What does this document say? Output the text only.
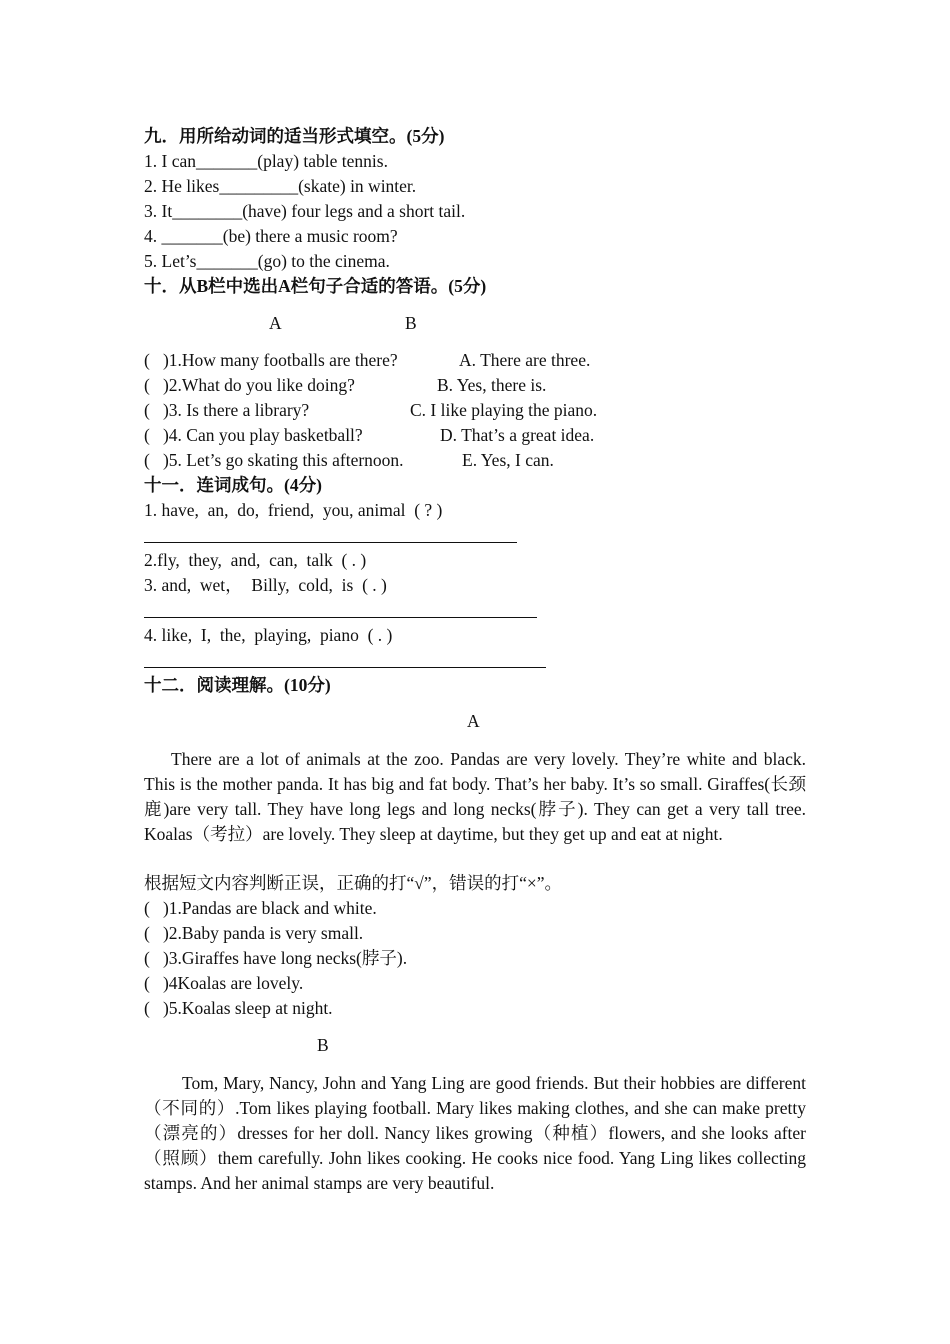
九．用所给动词的适当形式填空。(5分)
1. I can_______(play) table tennis.
2. He likes_________(skate) in winter.
3. It________(have) four legs and a short tail.
4. _______(be) there a music room?
5. Let’s_______(go) to the cinema.
十．从B栏中选出A栏句子合适的答语。(5分)
A	B
(   )1.How many footballs are there?	A. There are three.
(   )2.What do you like doing?	B. Yes, there is.
(   )3. Is there a library?	C. I like playing the piano.
(   )4. Can you play basketball?	D. That’s a great idea.
(   )5. Let’s go skating this afternoon.	E. Yes, I can.
十一．连词成句。(4分)
1. have,  an,  do,  friend,  you, animal  ( ? )
2.fly,  they,  and,  can,  talk  ( . )
3. and,  wet，  Billy,  cold,  is  ( . )
4. like,  I,  the,  playing,  piano  ( . )
十二．阅读理解。(10分)
A
There are a lot of animals at the zoo. Pandas are very lovely. They’re white and black. This is the mother panda. It has big and fat body. That’s her baby. It’s so small. Giraffes(长颈鹿)are very tall. They have long legs and long necks(脖子). They can get a very tall tree. Koalas（考拉）are lovely. They sleep at daytime, but they get up and eat at night.
根据短文内容判断正误，正确的打“√”，错误的打“×”。
(   )1.Pandas are black and white.
(   )2.Baby panda is very small.
(   )3.Giraffes have long necks(脖子).
(   )4Koalas are lovely.
(   )5.Koalas sleep at night.
B
Tom, Mary, Nancy, John and Yang Ling are good friends. But their hobbies are different（不同的）.Tom likes playing football. Mary likes making clothes, and she can make pretty（漂亮的）dresses for her doll. Nancy likes growing（种植）flowers, and she looks after（照顾）them carefully. John likes cooking. He cooks nice food. Yang Ling likes collecting stamps. And her animal stamps are very beautiful.
